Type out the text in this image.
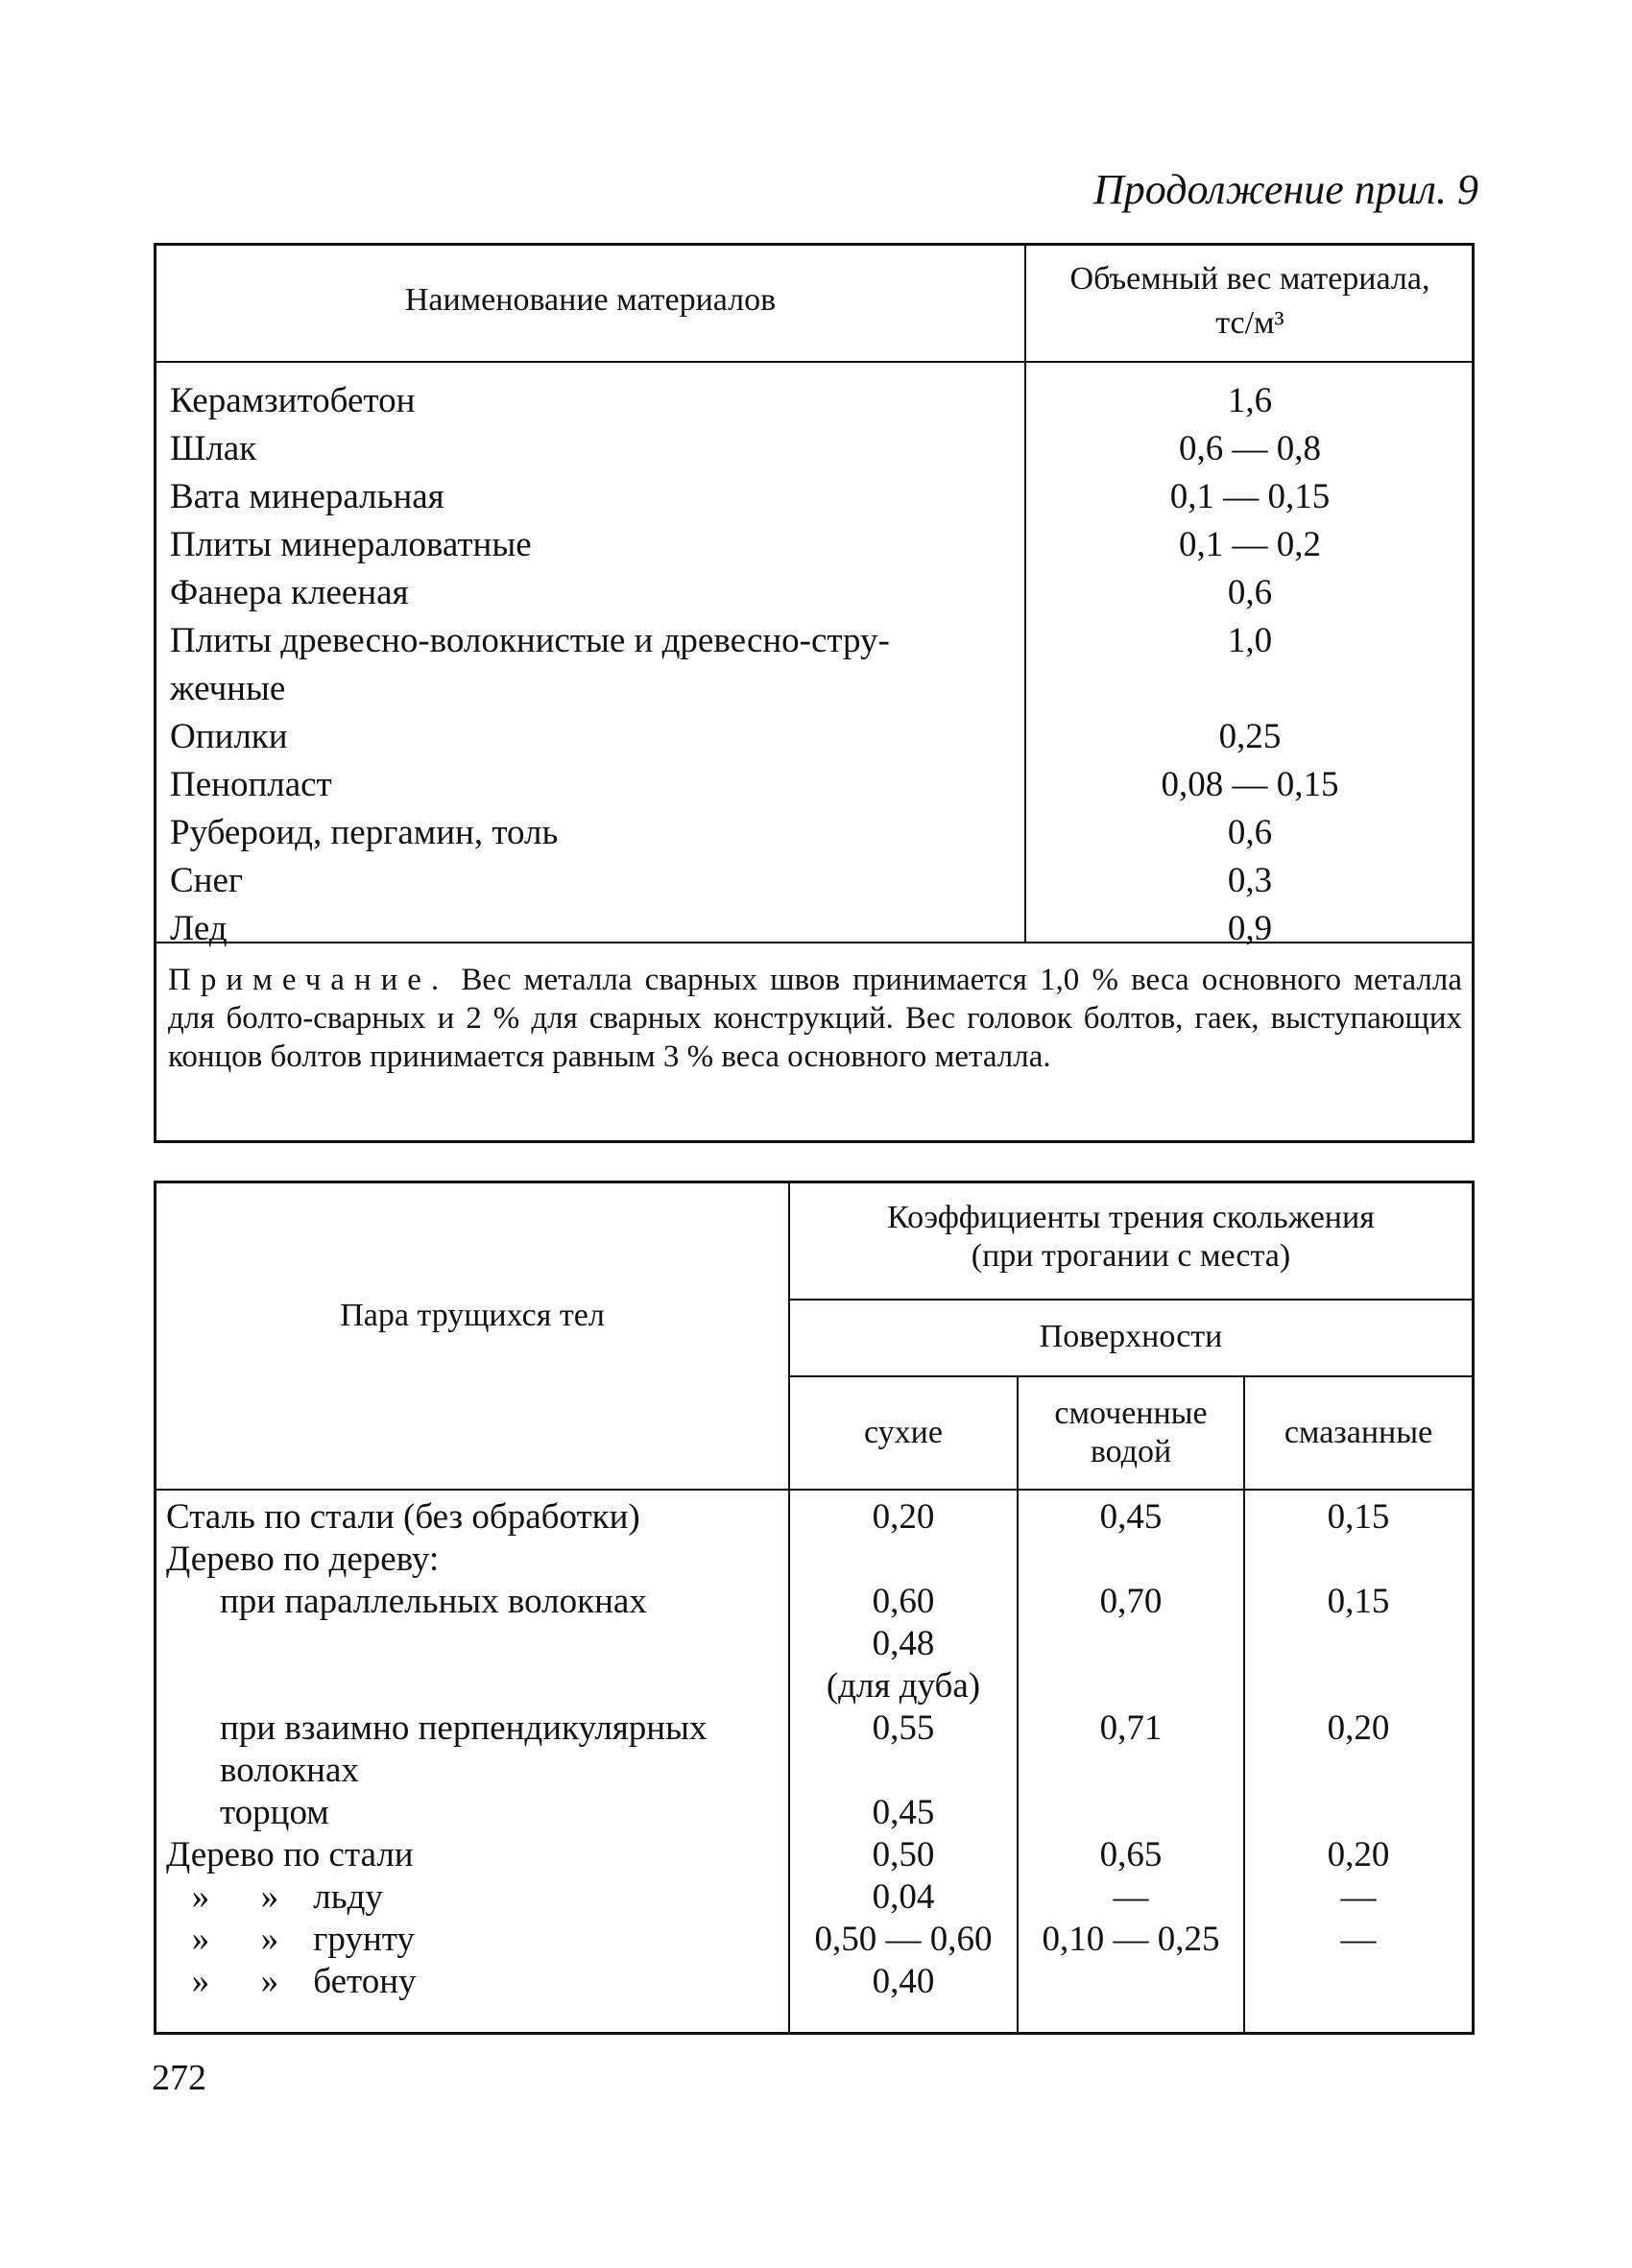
Продолжение прил. 9
Наименование материалов
Объемный вес материала,
тс/м³
Керамзитобетон
Шлак
Вата минеральная
Плиты минераловатные
Фанера клееная
Плиты древесно-волокнистые и древесно-стру-
жечные
Опилки
Пенопласт
Рубероид, пергамин, толь
Снег
Лед
1,6
0,6 — 0,8
0,1 — 0,15
0,1 — 0,2
0,6
1,0
0,25
0,08 — 0,15
0,6
0,3
0,9
Примечание. Вес металла сварных швов принимается 1,0 % веса основного металла для болто-сварных и 2 % для сварных конструкций. Вес головок болтов, гаек, выступающих концов болтов принимается равным 3 % веса основного металла.
Пара трущихся тел
Коэффициенты трения скольжения
(при трогании с места)
Поверхности
сухие
смоченные
водой
смазанные
Сталь по стали (без обработки)
Дерево по дереву:
при параллельных волокнах
при взаимно перпендикулярных
волокнах
торцом
Дерево по стали
» » льду
» » грунту
» » бетону
0,20
0,60
0,48
(для дуба)
0,55
0,45
0,50
0,04
0,50 — 0,60
0,40
0,45
0,70
0,71
0,65
—
0,10 — 0,25
0,15
0,15
0,20
0,20
—
—
272
